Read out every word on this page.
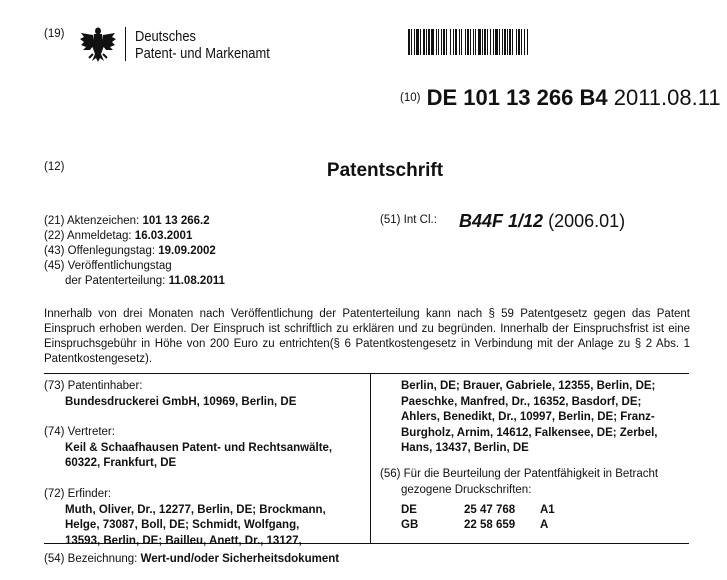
(19)	Deutsches
Patent- und Markenamt
$^{(10)}$ DE 101 13 266 B4 2011.08.11
(12)	Patentschrift
(21) Aktenzeichen: 101 13 266.2
(22) Anmeldetag: 16.03.2001
(43) Offenlegungstag: 19.09.2002
(45) Veröffentlichungstag
der Patenterteilung: 11.08.2011
(51) Int Cl.: B44F 1/12 (2006.01)
Innerhalb von drei Monaten nach Veröffentlichung der Patenterteilung kann nach § 59 Patentgesetz gegen das Patent Einspruch erhoben werden. Der Einspruch ist schriftlich zu erklären und zu begründen. Innerhalb der Einspruchsfrist ist eine Einspruchsgebühr in Höhe von 200 Euro zu entrichten(§ 6 Patentkostengesetz in Verbindung mit der Anlage zu § 2 Abs. 1 Patentkostengesetz).
(73) Patentinhaber:
Bundesdruckerei GmbH, 10969, Berlin, DE
(74) Vertreter:
Keil & Schaafhausen Patent- und Rechtsanwälte,
60322, Frankfurt, DE
(72) Erfinder:
Muth, Oliver, Dr., 12277, Berlin, DE; Brockmann,
Helge, 73087, Boll, DE; Schmidt, Wolfgang,
13593, Berlin, DE; Bailleu, Anett, Dr., 13127,
Berlin, DE; Brauer, Gabriele, 12355, Berlin, DE;
Paeschke, Manfred, Dr., 16352, Basdorf, DE;
Ahlers, Benedikt, Dr., 10997, Berlin, DE; Franz-
Burgholz, Arnim, 14612, Falkensee, DE; Zerbel,
Hans, 13437, Berlin, DE
(56) Für die Beurteilung der Patentfähigkeit in Betracht
gezogene Druckschriften:
DE	25 47 768	A1
GB	22 58 659	A
(54) Bezeichnung: Wert-und/oder Sicherheitsdokument
